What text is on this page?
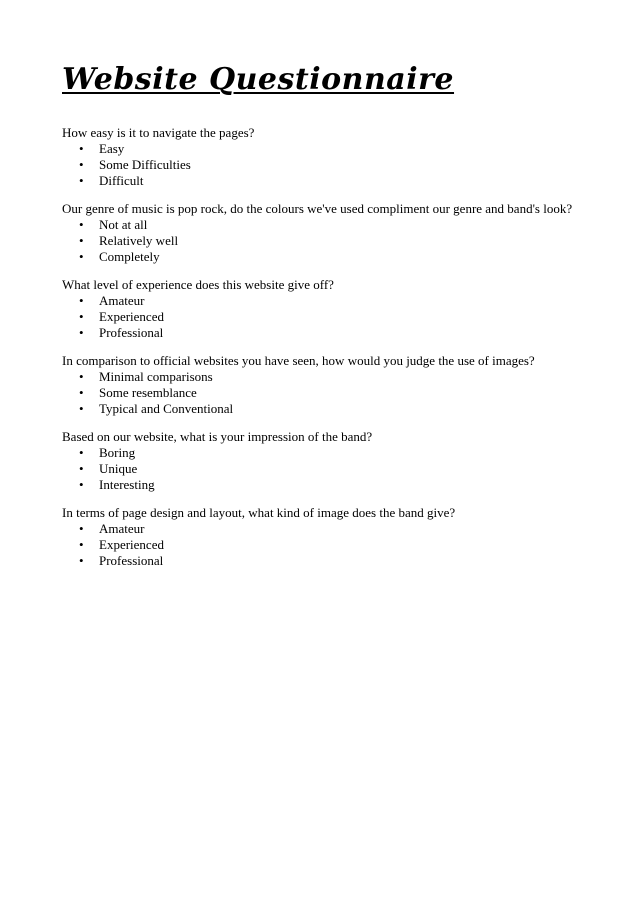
Website Questionnaire
How easy is it to navigate the pages?
• Easy
• Some Difficulties
• Difficult
Our genre of music is pop rock, do the colours we've used compliment our genre and band's look?
• Not at all
• Relatively well
• Completely
What level of experience does this website give off?
• Amateur
• Experienced
• Professional
In comparison to official websites you have seen, how would you judge the use of images?
• Minimal comparisons
• Some resemblance
• Typical and Conventional
Based on our website, what is your impression of the band?
• Boring
• Unique
• Interesting
In terms of page design and layout, what kind of image does the band give?
• Amateur
• Experienced
• Professional
